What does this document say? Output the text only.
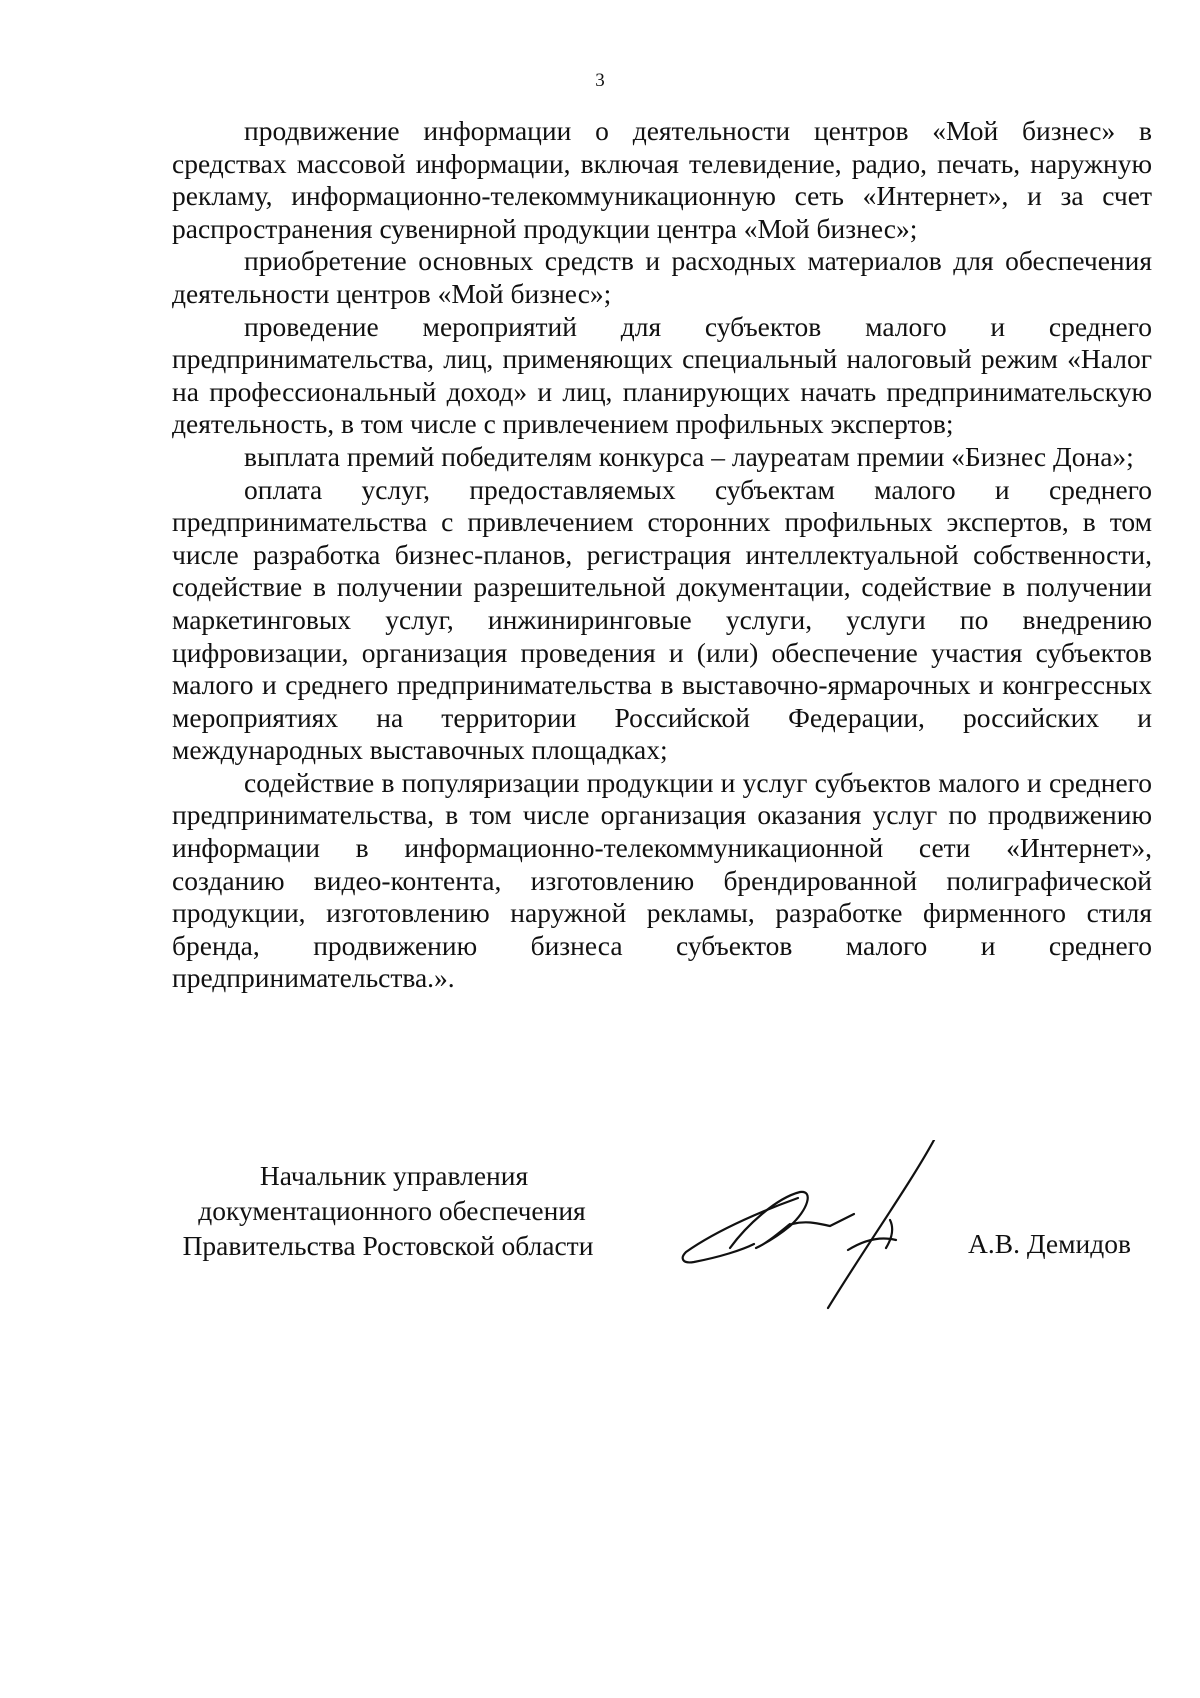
3

продвижение информации о деятельности центров «Мой бизнес» в средствах массовой информации, включая телевидение, радио, печать, наружную рекламу, информационно-телекоммуникационную сеть «Интернет», и за счет распространения сувенирной продукции центра «Мой бизнес»;

приобретение основных средств и расходных материалов для обеспечения деятельности центров «Мой бизнес»;

проведение мероприятий для субъектов малого и среднего предпринимательства, лиц, применяющих специальный налоговый режим «Налог на профессиональный доход» и лиц, планирующих начать предпринимательскую деятельность, в том числе с привлечением профильных экспертов;

выплата премий победителям конкурса – лауреатам премии «Бизнес Дона»;

оплата услуг, предоставляемых субъектам малого и среднего предпринимательства с привлечением сторонних профильных экспертов, в том числе разработка бизнес-планов, регистрация интеллектуальной собственности, содействие в получении разрешительной документации, содействие в получении маркетинговых услуг, инжиниринговые услуги, услуги по внедрению цифровизации, организация проведения и (или) обеспечение участия субъектов малого и среднего предпринимательства в выставочно-ярмарочных и конгрессных мероприятиях на территории Российской Федерации, российских и международных выставочных площадках;

содействие в популяризации продукции и услуг субъектов малого и среднего предпринимательства, в том числе организация оказания услуг по продвижению информации в информационно-телекоммуникационной сети «Интернет», созданию видео-контента, изготовлению брендированной полиграфической продукции, изготовлению наружной рекламы, разработке фирменного стиля бренда, продвижению бизнеса субъектов малого и среднего предпринимательства.».

Начальник управления
документационного обеспечения
Правительства Ростовской области	А.В. Демидов
